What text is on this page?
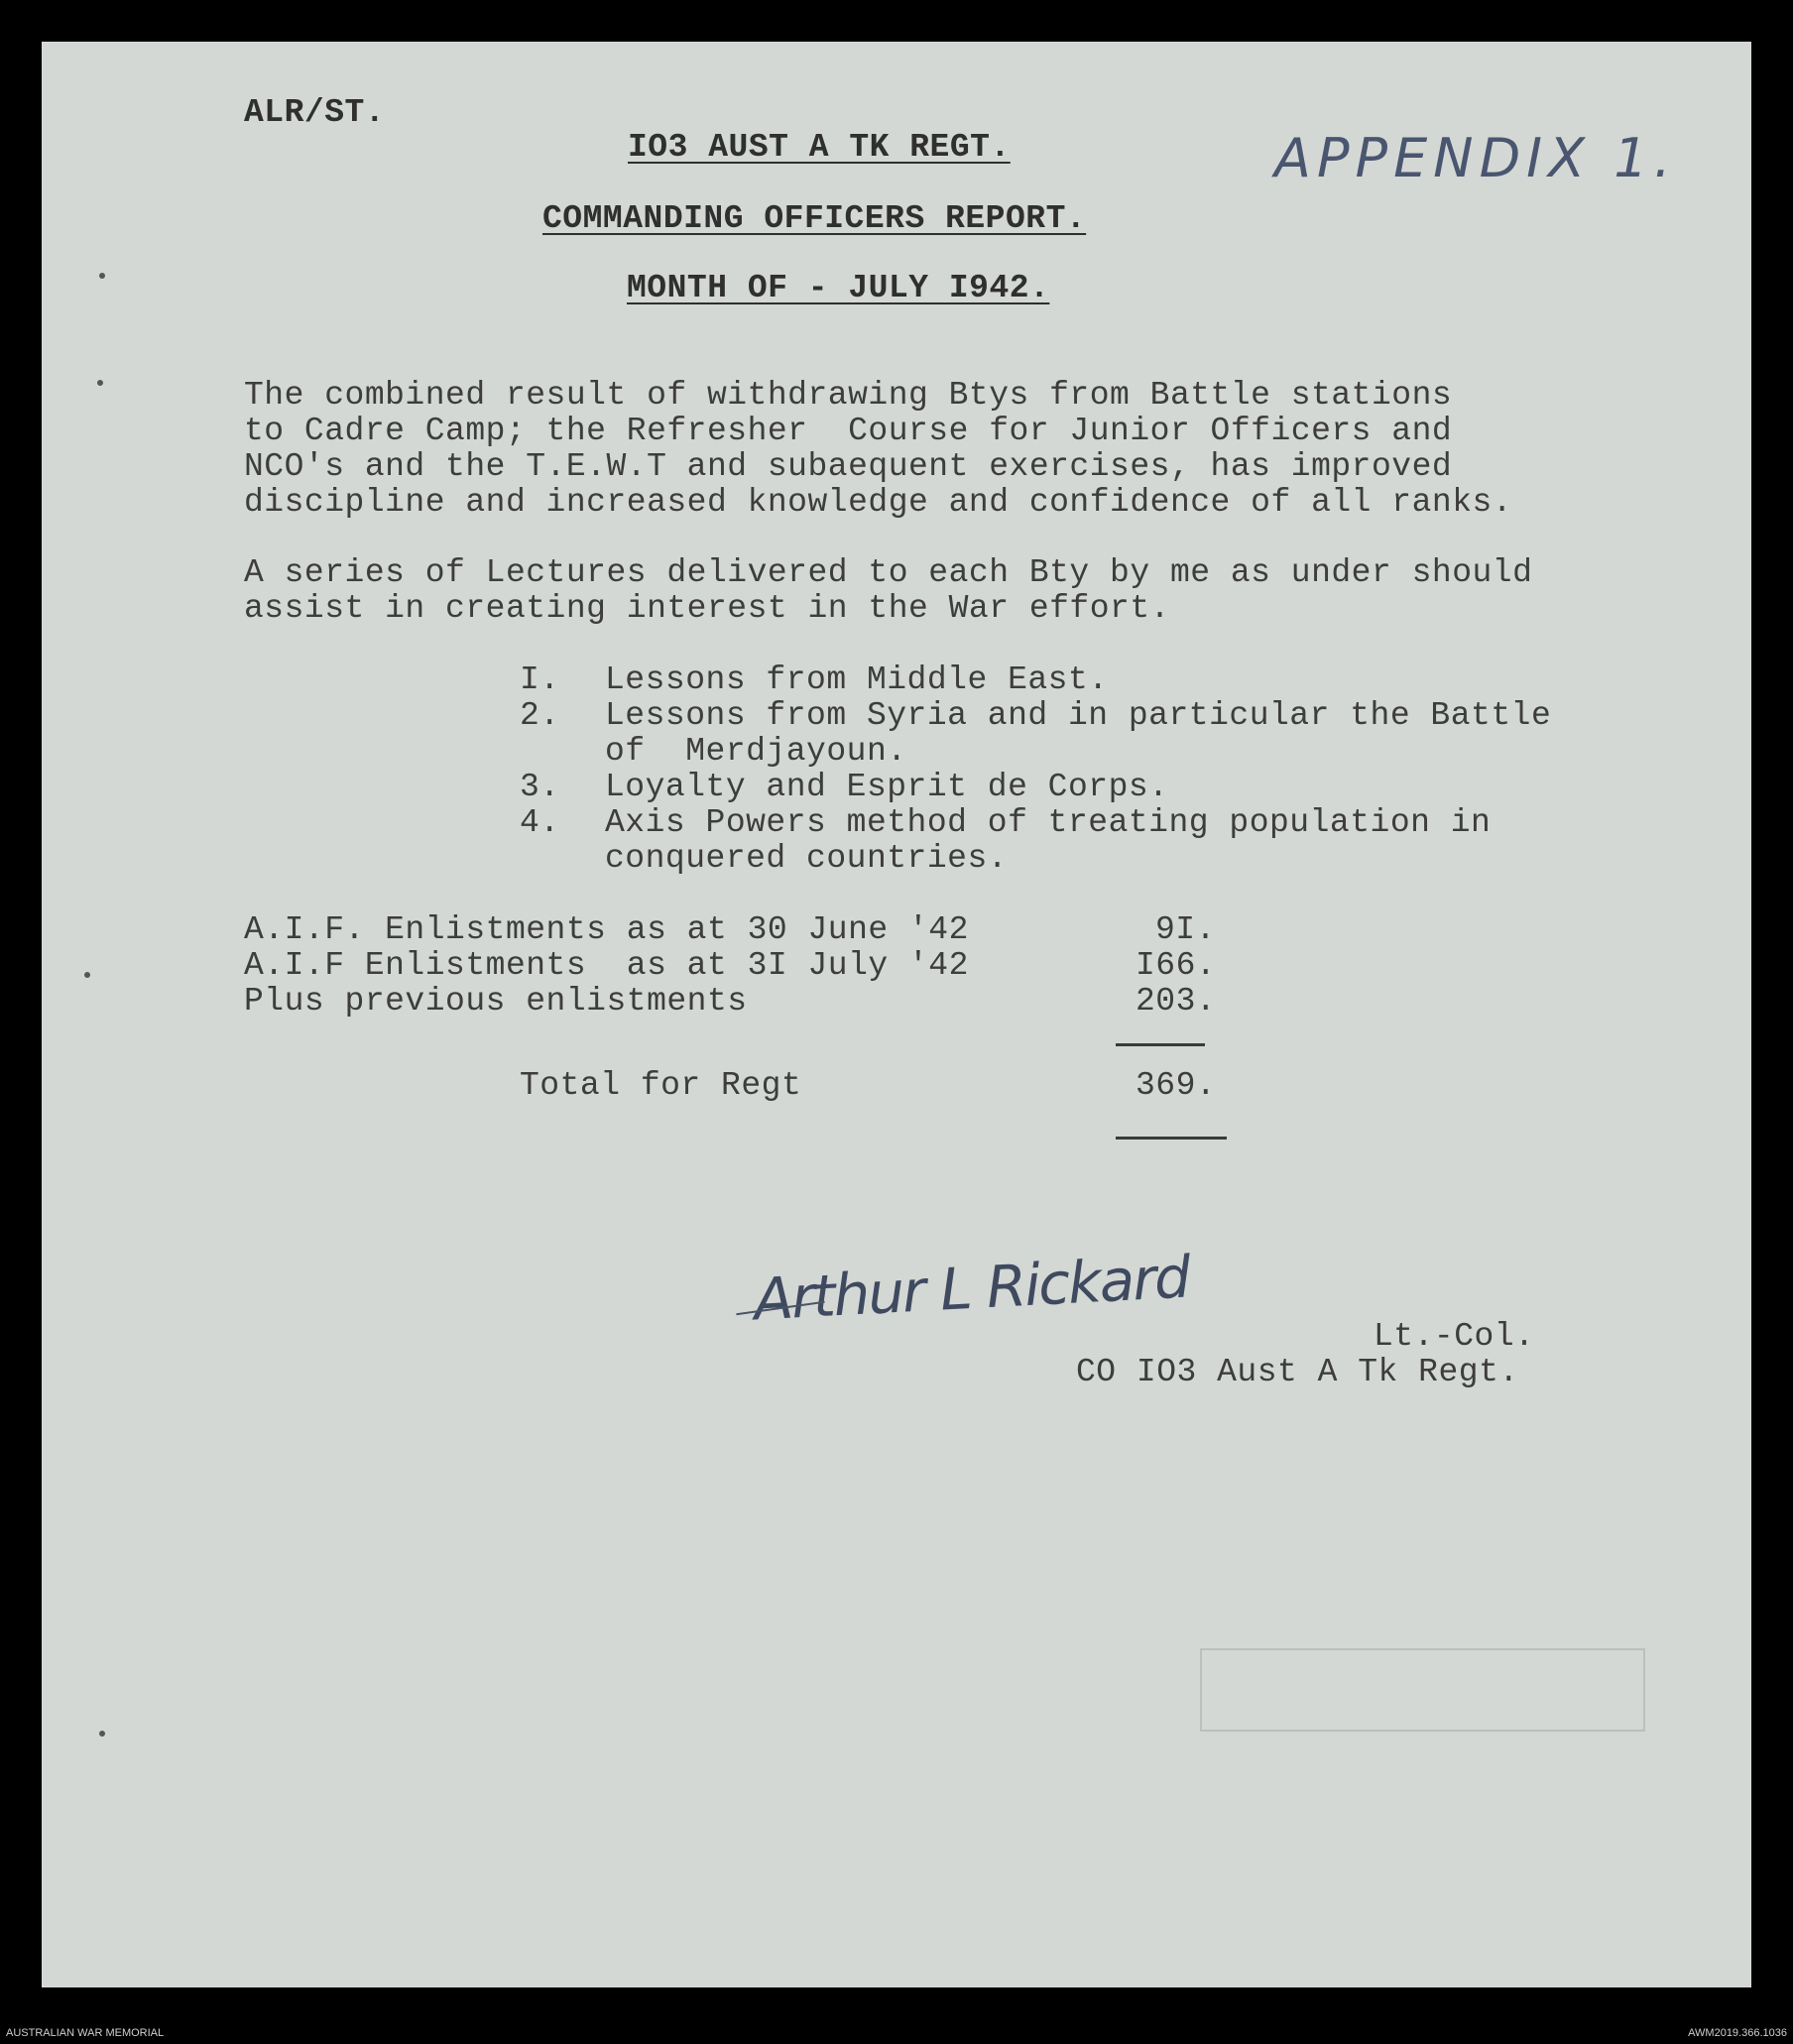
ALR/ST.
APPENDIX 1.
IO3 AUST A TK REGT.
COMMANDING OFFICERS REPORT.
MONTH OF - JULY I942.
The combined result of withdrawing Btys from Battle stations
to Cadre Camp; the Refresher  Course for Junior Officers and
NCO's and the T.E.W.T and subaequent exercises, has improved
discipline and increased knowledge and confidence of all ranks.
A series of Lectures delivered to each Bty by me as under should
assist in creating interest in the War effort.
I. Lessons from Middle East.
2. Lessons from Syria and in particular the Battle
of  Merdjayoun.
3. Loyalty and Esprit de Corps.
4. Axis Powers method of treating population in
conquered countries.
A.I.F. Enlistments as at 30 June '42	9I.
A.I.F Enlistments  as at 3I July '42	I66.
Plus previous enlistments	203.
Total for Regt	369.
Arthur L Rickard
Lt.-Col.
CO IO3 Aust A Tk Regt.
AUSTRALIAN WAR MEMORIAL	AWM2019.366.1036
